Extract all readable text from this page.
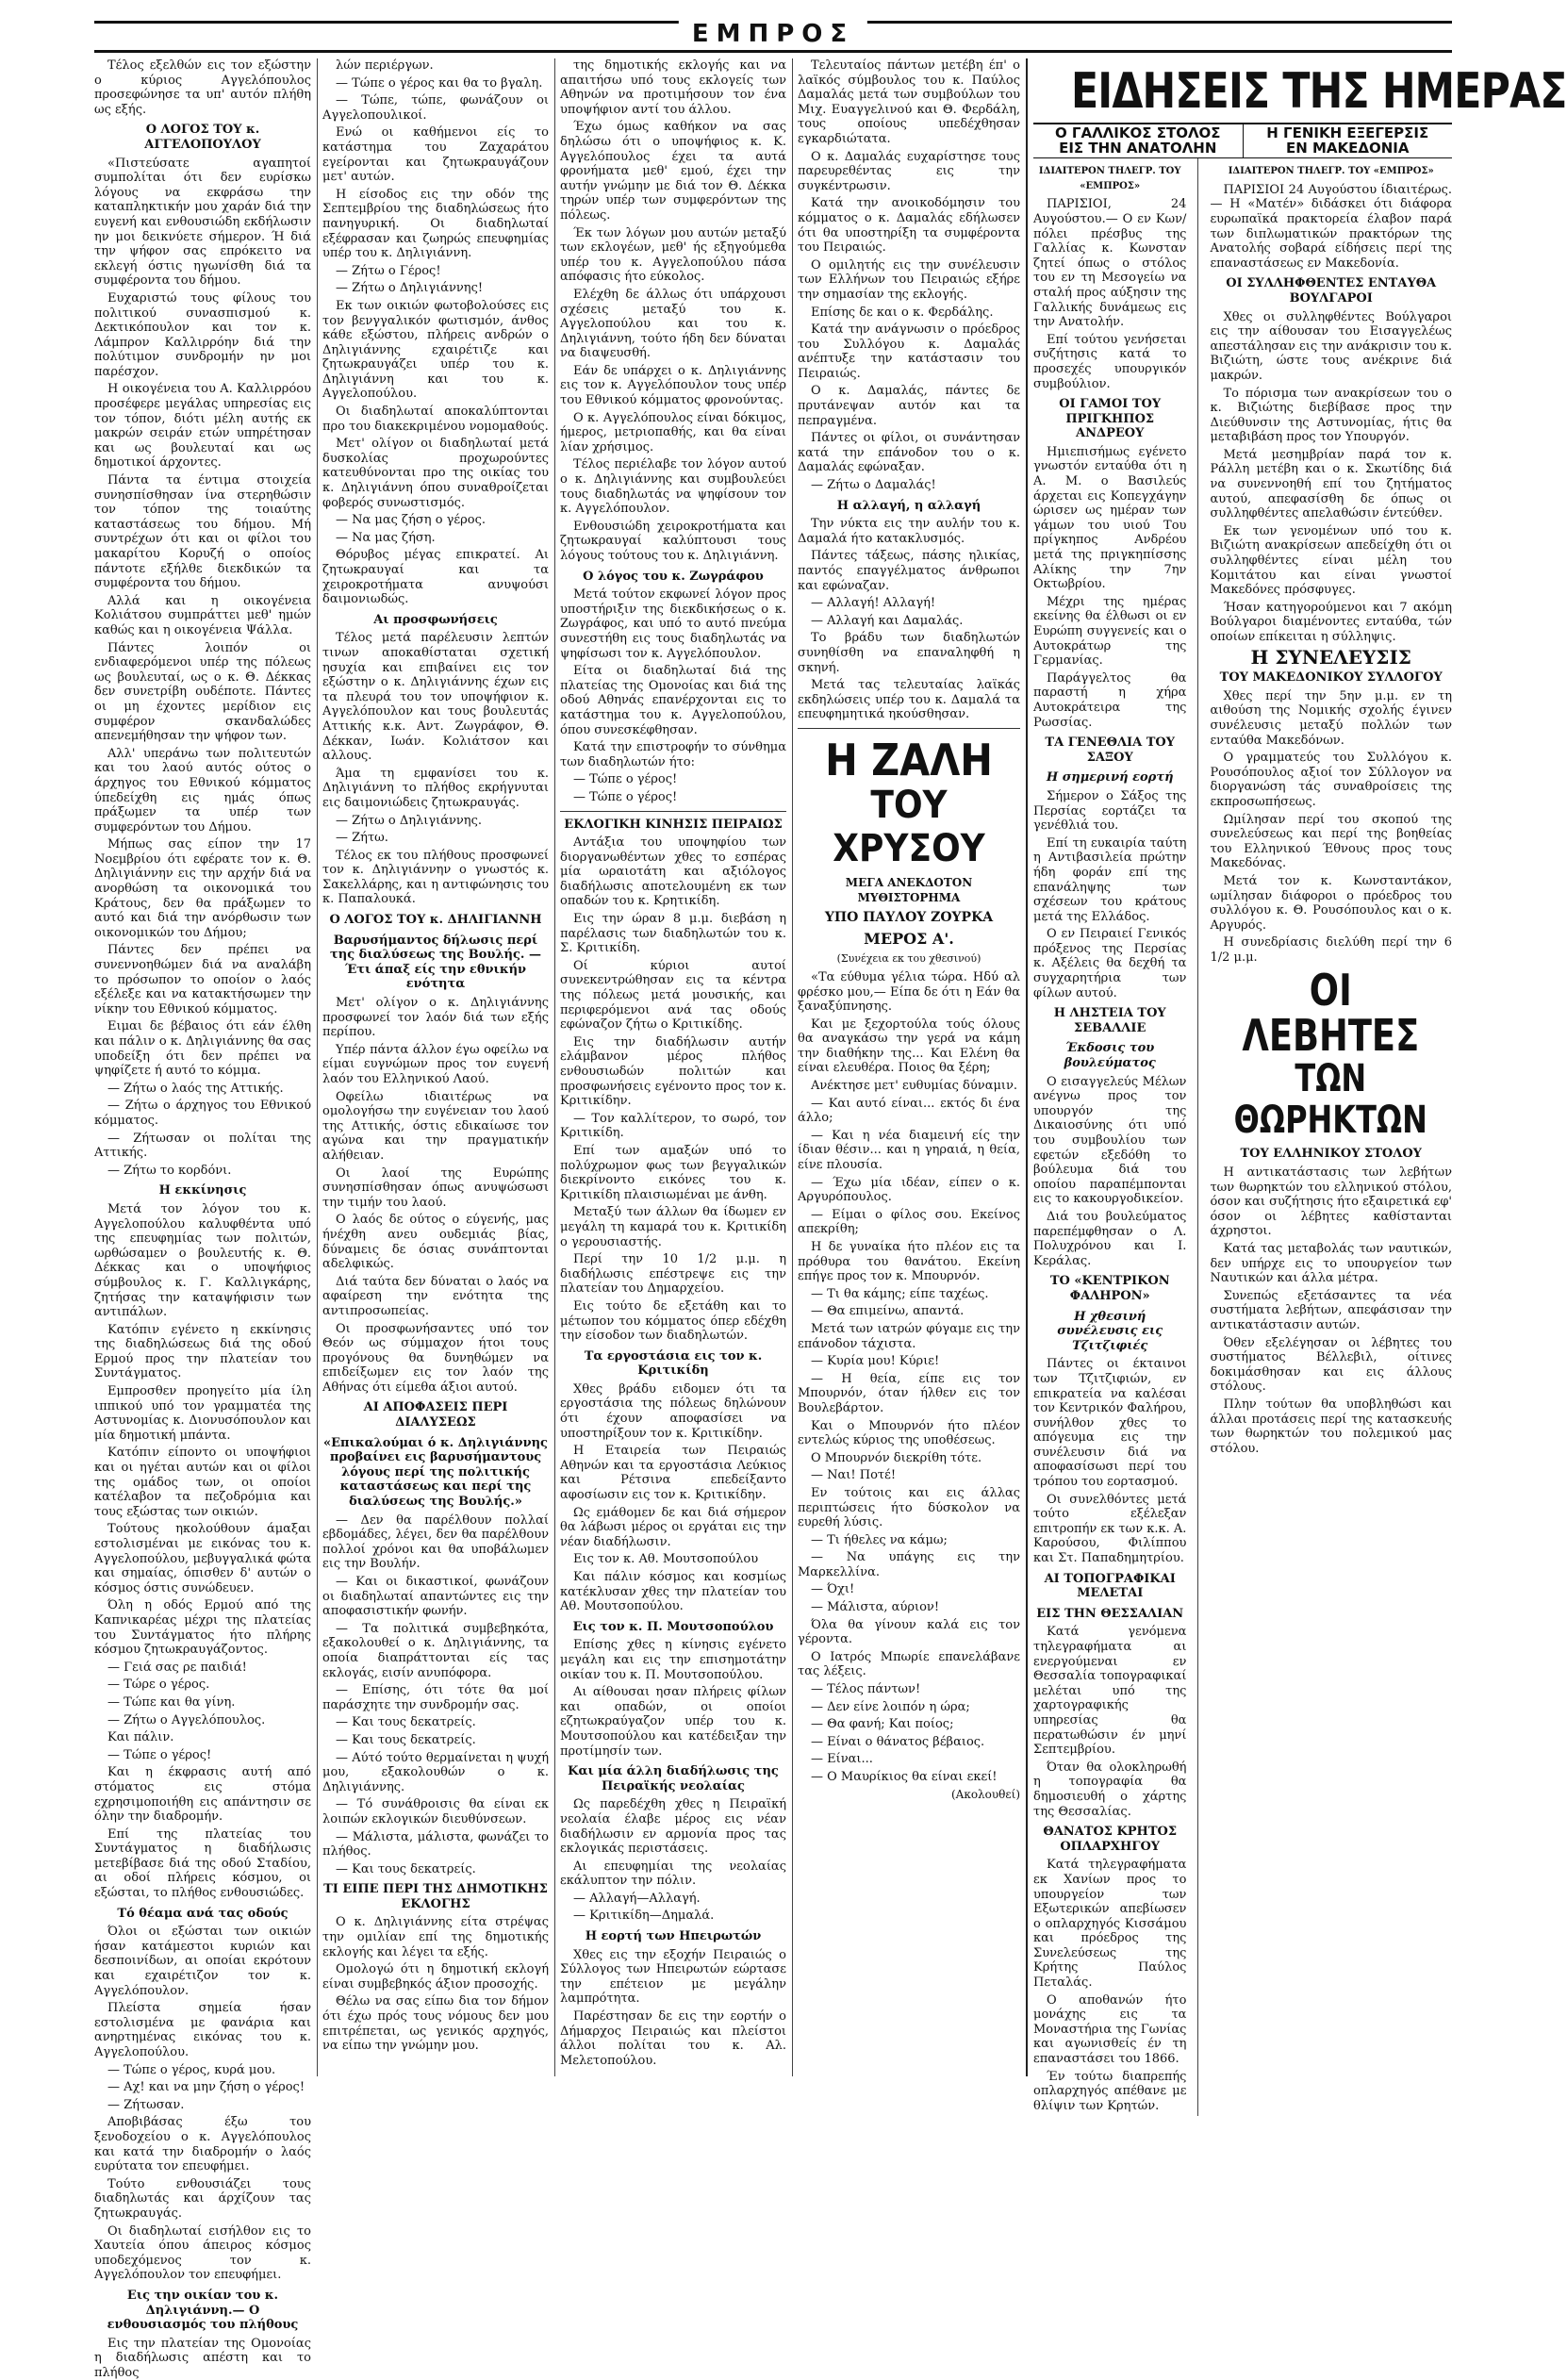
ΕΜΠΡΟΣ

Τέλος εξελθών εις τον εξώστην ο κύριος Αγγελόπουλος προσεφώνησε τα υπ' αυτόν πλήθη ως εξής.

Ο ΛΟΓΟΣ ΤΟΥ κ. ΑΓΓΕΛΟΠΟΥΛΟΥ

«Πιστεύσατε αγαπητοί συμπολίται ότι δεν ευρίσκω λόγους να εκφράσω την καταπληκτικήν μου χαράν διά την ευγενή και ενθουσιώδη εκδήλωσιν ην μοι δεικνύετε σήμερον. Ή διά την ψήφον σας επρόκειτο να εκλεγή όστις ηγωνίσθη διά τα συμφέροντα του δήμου.

Ευχαριστώ τους φίλους του πολιτικού συνασπισμού κ. Δεκτικόπουλον και τον κ. Λάμπρον Καλλιρρόην διά την πολύτιμον συνδρομήν ην μοι παρέσχον.

Η οικογένεια του Α. Καλλιρρόου προσέφερε μεγάλας υπηρεσίας εις τον τόπον, διότι μέλη αυτής εκ μακρών σειράν ετών υπηρέτησαν και ως βουλευταί και ως δημοτικοί άρχοντες.

Πάντα τα έντιμα στοιχεία συνησπίσθησαν ίνα στερηθώσιν τον τόπον της τοιαύτης καταστάσεως του δήμου. Μή συντρέχων ότι και οι φίλοι του μακαρίτου Κορυζή ο οποίος πάντοτε εξήλθε διεκδικών τα συμφέροντα του δήμου.

Αλλά και η οικογένεια Κολιάτσου συμπράττει μεθ' ημών καθώς και η οικογένεια Ψάλλα.

Πάντες λοιπόν οι ενδιαφερόμενοι υπέρ της πόλεως ως βουλευταί, ως ο κ. Θ. Δέκκας δεν συνετρίβη ουδέποτε. Πάντες οι μη έχοντες μερίδιον εις συμφέρον σκανδαλώδες απενεμήθησαν την ψήφον των.

Αλλ' υπεράνω των πολιτευτών και του λαού αυτός ούτος ο άρχηγος του Εθνικού κόμματος ύπεδείχθη εις ημάς όπως πράξωμεν τα υπέρ των συμφερόντων του Δήμου.

Μήπως σας είπον την 17 Νοεμβρίου ότι εφέρατε τον κ. Θ. Δηλιγιάννην εις την αρχήν διά να ανορθώση τα οικονομικά του Κράτους, δεν θα πράξωμεν το αυτό και διά την ανόρθωσιν των οικονομικών του Δήμου;

Πάντες δεν πρέπει να συνεννοηθώμεν διά να αναλάβη το πρόσωπον το οποίον ο λαός εξέλεξε και να κατακτήσωμεν την νίκην του Εθνικού κόμματος.

Ειμαι δε βέβαιος ότι εάν έλθη και πάλιν ο κ. Δηλιγιάννης θα σας υποδείξη ότι δεν πρέπει να ψηφίζετε ή αυτό το κόμμα.

— Ζήτω ο λαός της Αττικής.

— Ζήτω ο άρχηγος του Εθνικού κόμματος.

— Ζήτωσαν οι πολίται της Αττικής.

— Ζήτω το κορδόνι.

Η εκκίνησις

Μετά τον λόγον του κ. Αγγελοπούλου καλυφθέντα υπό της επευφημίας των πολιτών, ωρθώσαμεν ο βουλευτής κ. Θ. Δέκκας και ο υποψήφιος σύμβουλος κ. Γ. Καλλιγκάρης, ζητήσας την καταψήφισιν των αντιπάλων.

Κατόπιν εγένετο η εκκίνησις της διαδηλώσεως διά της οδού Ερμού προς την πλατείαν του Συντάγματος.

Εμπροσθεν προηγείτο μία ίλη ιππικού υπό τον γραμματέα της Αστυνομίας κ. Διονυσόπουλον και μία δημοτική μπάντα.

Κατόπιν είποντο οι υποψήφιοι και οι ηγέται αυτών και οι φίλοι της ομάδος των, οι οποίοι κατέλαβον τα πεζοδρόμια και τους εξώστας των οικιών.

Τούτους ηκολούθουν άμαξαι εστολισμέναι με εικόνας του κ. Αγγελοπούλου, μεβυγγαλικά φώτα και σημαίας, όπισθεν δ' αυτών ο κόσμος όστις συνώδευεν.

Όλη η οδός Ερμού από της Καπνικαρέας μέχρι της πλατείας του Συντάγματος ήτο πλήρης κόσμου ζητωκραυγάζοντος.

— Γειά σας ρε παιδιά!

— Τώρε ο γέρος.

— Τώπε και θα γίνη.

— Ζήτω ο Αγγελόπουλος.

Και πάλιν.

— Τώπε ο γέρος!

Και η έκφρασις αυτή από στόματος εις στόμα εχρησιμοποιήθη εις απάντησιν σε όλην την διαδρομήν.

Επί της πλατείας του Συντάγματος η διαδήλωσις μετεβίβασε διά της οδού Σταδίου, αι οδοί πλήρεις κόσμου, οι εξώσται, το πλήθος ενθουσιώδες.

Τό θέαμα ανά τας οδούς

Όλοι οι εξώσται των οικιών ήσαν κατάμεστοι κυριών και δεσποινίδων, αι οποίαι εκρότουν και εχαιρέτιζον τον κ. Αγγελόπουλον.

Πλείστα σημεία ήσαν εστολισμένα με φανάρια και ανηρτημένας εικόνας του κ. Αγγελοπούλου.

— Τώπε ο γέρος, κυρά μου.

— Αχ! και να μην ζήση ο γέρος!

— Ζήτωσαν.

Αποβιβάσας έξω του ξενοδοχείου ο κ. Αγγελόπουλος και κατά την διαδρομήν ο λαός ευρύτατα τον επευφήμει.

Τούτο ενθουσιάζει τους διαδηλωτάς και άρχίζουν τας ζητωκραυγάς.

Οι διαδηλωταί εισήλθον εις το Χαυτεία όπου άπειρος κόσμος υποδεχόμενος τον κ. Αγγελόπουλον τον επευφήμει.

Εις την οικίαν του κ. Δηλιγιάννη.— Ο ενθουσιασμός του πλήθους

Εις την πλατείαν της Ομονοίας η διαδήλωσις απέστη και το πλήθος

λών περιέργων.

— Τώπε ο γέρος και θα το βγαλη.

— Τώπε, τώπε, φωνάζουν οι Αγγελοπουλικοί.

Ενώ οι καθήμενοι είς το κατάστημα του Ζαχαράτου εγείρονται και ζητωκραυγάζουν μετ' αυτών.

Η είσοδος εις την οδόν της Σεπτεμβρίου της διαδηλώσεως ήτο πανηγυρική. Οι διαδηλωταί εξέφρασαν και ζωηρώς επευφημίας υπέρ του κ. Δηλιγιάννη.

— Ζήτω ο Γέρος!

— Ζήτω ο Δηλιγιάννης!

Εκ των οικιών φωτοβολούσες εις τον βενγγαλικόν φωτισμόν, άνθος κάθε εξώστου, πλήρεις ανδρών ο Δηλιγιάννης εχαιρέτιζε και ζητωκραυγάζει υπέρ του κ. Δηλιγιάννη και του κ. Αγγελοπούλου.

Οι διαδηλωταί αποκαλύπτονται προ του διακεκριμένου νομομαθούς.

Μετ' ολίγον οι διαδηλωταί μετά δυσκολίας προχωρούντες κατευθύνονται προ της οικίας του κ. Δηλιγιάννη όπου συναθροίζεται φοβερός συνωστισμός.

— Να μας ζήση ο γέρος.

— Να μας ζήση.

Θόρυβος μέγας επικρατεί. Αι ζητωκραυγαί και τα χειροκροτήματα ανυψούσι δαιμονιωδώς.

Αι προσφωνήσεις

Τέλος μετά παρέλευσιν λεπτών τινων αποκαθίσταται σχετική ησυχία και επιβαίνει εις τον εξώστην ο κ. Δηλιγιάννης έχων εις τα πλευρά του τον υποψήφιον κ. Αγγελόπουλον και τους βουλευτάς Αττικής κ.κ. Αντ. Ζωγράφον, Θ. Δέκκαν, Ιωάν. Κολιάτσον και αλλους.

Άμα τη εμφανίσει του κ. Δηλιγιάννη το πλήθος εκρήγνυται εις δαιμονιώδεις ζητωκραυγάς.

— Ζήτω ο Δηλιγιάννης.

— Ζήτω.

Τέλος εκ του πλήθους προσφωνεί τον κ. Δηλιγιάννην ο γνωστός κ. Σακελλάρης, και η αντιφώνησις του κ. Παπαλουκά.

Ο ΛΟΓΟΣ ΤΟΥ κ. ΔΗΛΙΓΙΑΝΝΗ
Βαρυσήμαντος δήλωσις περί της διαλύσεως της Βουλής. — Έτι άπαξ είς την εθνικήν ενότητα

Μετ' ολίγον ο κ. Δηλιγιάννης προσφωνεί τον λαόν διά των εξής περίπου.

Υπέρ πάντα άλλον έγω οφείλω να είμαι ευγνώμων προς τον ευγενή λαόν του Ελληνικού Λαού.

Οφείλω ιδιαιτέρως να ομολογήσω την ευγένειαν του λαού της Αττικής, όστις εδικαίωσε τον αγώνα και την πραγματικήν αλήθειαν.

Οι λαοί της Ευρώπης συνησπίσθησαν όπως ανυψώσωσι την τιμήν του λαού.

Ο λαός δε ούτος ο εύγενής, μας ήνέχθη ανευ ουδεμιάς βίας, δύναμεις δε όσιας συνάπτονται αδελφικώς.

Διά ταύτα δεν δύναται ο λαός να αφαίρεση την ενότητα της αντιπροσωπείας.

Οι προσφωνήσαντες υπό τον Θεόν ως σύμμαχον ήτοι τους προγόνους θα δυνηθώμεν να επιδείξωμεν εις τον λαόν της Αθήνας ότι είμεθα άξιοι αυτού.

ΑΙ ΑΠΟΦΑΣΕΙΣ ΠΕΡΙ ΔΙΑΛΥΣΕΩΣ
«Επικαλούμαι ό κ. Δηλιγιάννης προβαίνει εις βαρυσήμαντους λόγους περί της πολιτικής καταστάσεως και περί της διαλύσεως της Βουλής.»

— Δεν θα παρέλθουν πολλαί εβδομάδες, λέγει, δεν θα παρέλθουν πολλοί χρόνοι και θα υποβάλωμεν εις την Βουλήν.

— Και οι δικαστικοί, φωνάζουν οι διαδηλωταί απαντώντες εις την αποφασιστικήν φωνήν.

— Τα πολιτικά συμβεβηκότα, εξακολουθεί ο κ. Δηλιγιάννης, τα οποία διαπράττονται είς τας εκλογάς, εισίν ανυπόφορα.

— Επίσης, ότι τότε θα μοί παράσχητε την συνδρομήν σας.

— Και τους δεκατρείς.

— Και τους δεκατρείς.

— Αύτό τούτο θερμαίνεται η ψυχή μου, εξακολουθών ο κ. Δηλιγιάννης.

— Τό συνάθροισις θα είναι εκ λοιπών εκλογικών διευθύνσεων.

— Μάλιστα, μάλιστα, φωνάζει το πλήθος.

— Και τους δεκατρείς.

ΤΙ ΕΙΠΕ ΠΕΡΙ ΤΗΣ ΔΗΜΟΤΙΚΗΣ ΕΚΛΟΓΗΣ

Ο κ. Δηλιγιάννης είτα στρέψας την ομιλίαν επί της δημοτικής εκλογής και λέγει τα εξής.

Ομολογώ ότι η δημοτική εκλογή είναι συμβεβηκός άξιον προσοχής.

Θέλω να σας είπω δια τον δήμον ότι έχω πρός τους νόμους δεν μου επιτρέπεται, ως γενικός αρχηγός, να είπω την γνώμην μου.

της δημοτικής εκλογής και να απαιτήσω υπό τους εκλογείς των Αθηνών να προτιμήσουν τον ένα υποψήφιον αντί του άλλου.

Έχω όμως καθήκον να σας δηλώσω ότι ο υποψήφιος κ. Κ. Αγγελόπουλος έχει τα αυτά φρονήματα μεθ' εμού, έχει την αυτήν γνώμην με διά τον Θ. Δέκκα τηρών υπέρ των συμφερόντων της πόλεως.

Έκ των λόγων μου αυτών μεταξύ των εκλογέων, μεθ' ής εξηγούμεθα υπέρ του κ. Αγγελοπούλου πάσα απόφασις ήτο εύκολος.

Ελέχθη δε άλλως ότι υπάρχουσι σχέσεις μεταξύ του κ. Αγγελοπούλου και του κ. Δηλιγιάννη, τούτο ήδη δεν δύναται να διαψευσθή.

Εάν δε υπάρχει ο κ. Δηλιγιάννης εις τον κ. Αγγελόπουλον τους υπέρ του Εθνικού κόμματος φρονούντας.

Ο κ. Αγγελόπουλος είναι δόκιμος, ήμερος, μετριοπαθής, και θα είναι λίαν χρήσιμος.

Τέλος περιέλαβε τον λόγον αυτού ο κ. Δηλιγιάννης και συμβουλεύει τους διαδηλωτάς να ψηφίσουν τον κ. Αγγελόπουλον.

Ενθουσιώδη χειροκροτήματα και ζητωκραυγαί καλύπτουσι τους λόγους τούτους του κ. Δηλιγιάννη.

Ο λόγος του κ. Ζωγράφου

Μετά τούτον εκφωνεί λόγον προς υποστήριξιν της διεκδικήσεως ο κ. Ζωγράφος, και υπό το αυτό πνεύμα συνεστήθη εις τους διαδηλωτάς να ψηφίσωσι τον κ. Αγγελόπουλον.

Είτα οι διαδηλωταί διά της πλατείας της Ομονοίας και διά της οδού Αθηνάς επανέρχονται εις το κατάστημα του κ. Αγγελοπούλου, όπου συνεσκέφθησαν.

Κατά την επιστροφήν το σύνθημα των διαδηλωτών ήτο:

— Τώπε ο γέρος!

— Τώπε ο γέρος!

ΕΚΛΟΓΙΚΗ ΚΙΝΗΣΙΣ ΠΕΙΡΑΙΩΣ

Αντάξια του υποψηφίου των διοργανωθέντων χθες το εσπέρας μία ωραιοτάτη και αξιόλογος διαδήλωσις αποτελουμένη εκ των οπαδών του κ. Κρητικίδη.

Εις την ώραν 8 μ.μ. διεβάση η παρέλασις των διαδηλωτών του κ. Σ. Κριτικίδη.

Οί κύριοι αυτοί συνεκεντρώθησαν εις τα κέντρα της πόλεως μετά μουσικής, και περιφερόμενοι ανά τας οδούς εφώναζον ζήτω ο Κριτικίδης.

Εις την διαδήλωσιν αυτήν ελάμβανον μέρος πλήθος ενθουσιωδών πολιτών και προσφωνήσεις εγένοντο προς τον κ. Κριτικίδην.

— Τον καλλίτερον, το σωρό, τον Κριτικίδη.

Επί των αμαξών υπό το πολύχρωμον φως των βεγγαλικών διεκρίνοντο εικόνες του κ. Κριτικίδη πλαισιωμέναι με άνθη.

Μεταξύ των άλλων θα ίδωμεν εν μεγάλη τη καμαρά του κ. Κριτικίδη ο γερουσιαστής.

Περί την 10 1/2 μ.μ. η διαδήλωσις επέστρεψε εις την πλατείαν του Δημαρχείου.

Εις τούτο δε εξετάθη και το μέτωπον του κόμματος όπερ εδέχθη την είσοδον των διαδηλωτών.

Τα εργοστάσια εις τον κ. Κριτικίδη

Χθες βράδυ ειδομεν ότι τα εργοστάσια της πόλεως δηλώνουν ότι έχουν αποφασίσει να υποστηρίξουν τον κ. Κριτικίδην.

Η Εταιρεία των Πειραιώς Αθηνών και τα εργοστάσια Λεύκιος και Ρέτσινα επεδείξαντο αφοσίωσιν εις τον κ. Κριτικίδην.

Ως εμάθομεν δε και διά σήμερον θα λάβωσι μέρος οι εργάται εις την νέαν διαδήλωσιν.

Εις τον κ. Αθ. Μουτσοπούλου

Και πάλιν κόσμος και κοσμίως κατέκλυσαν χθες την πλατείαν του Αθ. Μουτσοπούλου.

Εις τον κ. Π. Μουτσοπούλου

Επίσης χθες η κίνησις εγένετο μεγάλη και εις την επισημοτάτην οικίαν του κ. Π. Μουτσοπούλου.

Αι αίθουσαι ησαν πλήρεις φίλων και οπαδών, οι οποίοι εζητωκραύγαζον υπέρ του κ. Μουτσοπούλου και κατέδειξαν την προτίμησίν των.

Και μία άλλη διαδήλωσις της Πειραϊκής νεολαίας

Ως παρεδέχθη χθες η Πειραϊκή νεολαία έλαβε μέρος εις νέαν διαδήλωσιν εν αρμονία προς τας εκλογικάς περιστάσεις.

Αι επευφημίαι της νεολαίας εκάλυπτον την πόλιν.

— Αλλαγή—Αλλαγή.

— Κριτικίδη—Δημαλά.

Η εορτή των Ηπειρωτών

Χθες εις την εξοχήν Πειραιώς ο Σύλλογος των Ηπειρωτών εώρτασε την επέτειον με μεγάλην λαμπρότητα.

Παρέστησαν δε εις την εορτήν ο Δήμαρχος Πειραιώς και πλείστοι άλλοι πολίται του κ. Αλ. Μελετοπούλου.

Τελευταίος πάντων μετέβη έπ' ο λαϊκός σύμβουλος του κ. Παύλος Δαμαλάς μετά των συμβούλων του Μιχ. Ευαγγελινού και Θ. Φερδάλη, τους οποίους υπεδέχθησαν εγκαρδιώτατα.

Ο κ. Δαμαλάς ευχαρίστησε τους παρευρεθέντας εις την συγκέντρωσιν.

Κατά την ανοικοδόμησιν του κόμματος ο κ. Δαμαλάς εδήλωσεν ότι θα υποστηρίξη τα συμφέροντα του Πειραιώς.

Ο ομιλητής εις την συνέλευσιν των Ελλήνων του Πειραιώς εξήρε την σημασίαν της εκλογής.

Επίσης δε και ο κ. Φερδάλης.

Κατά την ανάγνωσιν ο πρόεδρος του Συλλόγου κ. Δαμαλάς ανέπτυξε την κατάστασιν του Πειραιώς.

Ο κ. Δαμαλάς, πάντες δε πρυτάνεψαν αυτόν και τα πεπραγμένα.

Πάντες οι φίλοι, οι συνάντησαν κατά την επάνοδον του ο κ. Δαμαλάς εφώναξαν.

— Ζήτω ο Δαμαλάς!

Η αλλαγή, η αλλαγή

Την νύκτα εις την αυλήν του κ. Δαμαλά ήτο κατακλυσμός.

Πάντες τάξεως, πάσης ηλικίας, παντός επαγγέλματος άνθρωποι και εφώναζαν.

— Αλλαγή! Αλλαγή!

— Αλλαγή και Δαμαλάς.

Το βράδυ των διαδηλωτών συνηθίσθη να επαναληφθή η σκηνή.

Μετά τας τελευταίας λαϊκάς εκδηλώσεις υπέρ του κ. Δαμαλά τα επευφημητικά ηκούσθησαν.

Η ΖΑΛΗ
ΤΟΥ ΧΡΥΣΟΥ
ΜΕΓΑ ΑΝΕΚΔΟΤΟΝ ΜΥΘΙΣΤΟΡΗΜΑ
ΥΠΟ ΠΑΥΛΟΥ ΖΟΥΡΚΑ
ΜΕΡΟΣ Α'.
(Συνέχεια εκ του χθεσινού)

«Τα εύθυμα γέλια τώρα. Ηδύ αλ φρέσκο μου,— Είπα δε ότι η Εάν θα ξαναξύπνησης.

Και με ξεχορτούλα τούς όλους θα αναγκάσω την γερά να κάμη την διαθήκην της... Και Ελένη θα είναι ελευθέρα. Ποιος θα ξέρη;

Ανέκτησε μετ' ευθυμίας δύναμιν.

— Και αυτό είναι... εκτός δι ένα άλλο;

— Και η νέα διαμεινή είς την ίδιαν θέσιν... και η γηραιά, η θεία, είνε πλουσία.

— Έχω μία ιδέαν, είπεν ο κ. Αργυρόπουλος.

— Είμαι ο φίλος σου. Εκείνος απεκρίθη;

Η δε γυναίκα ήτο πλέον εις τα πρόθυρα του θανάτου. Εκείνη επήγε προς τον κ. Μπουρνόν.

— Τι θα κάμης; είπε ταχέως.

— Θα επιμείνω, απαντά.

Μετά των ιατρών φύγαμε εις την επάνοδον τάχιστα.

— Κυρία μου! Κύριε!

— Η θεία, είπε εις τον Μπουρνόν, όταν ήλθεν εις τον Βουλεβάρτον.

Και ο Μπουρνόν ήτο πλέον εντελώς κύριος της υποθέσεως.

Ο Μπουρνόν διεκρίθη τότε.

— Ναι! Ποτέ!

Εν τούτοις και εις άλλας περιπτώσεις ήτο δύσκολον να ευρεθή λύσις.

— Τι ήθελες να κάμω;

— Να υπάγης εις την Μαρκελλίνα.

— Όχι!

— Μάλιστα, αύριον!

Όλα θα γίνουν καλά εις τον γέροντα.

Ο Ιατρός Μπωρίε επανελάβανε τας λέξεις.

— Τέλος πάντων!

— Δεν είνε λοιπόν η ώρα;

— Θα φανή; Και ποίος;

— Είναι ο θάνατος βέβαιος.

— Είναι...

— Ο Μαυρίκιος θα είναι εκεί!

(Ακολουθεί)
ΕΙΔΗΣΕΙΣ ΤΗΣ ΗΜΕΡΑΣ
Ο ΓΑΛΛΙΚΟΣ ΣΤΟΛΟΣ
ΕΙΣ ΤΗΝ ΑΝΑΤΟΛΗΝ
Η ΓΕΝΙΚΗ ΕΞΕΓΕΡΣΙΣ
ΕΝ ΜΑΚΕΔΟΝΙΑ
ΙΔΙΑΙΤΕΡΟΝ ΤΗΛΕΓΡ. ΤΟΥ «ΕΜΠΡΟΣ»

ΠΑΡΙΣΙΟΙ, 24 Αυγούστου.— Ο εν Κων/πόλει πρέσβυς της Γαλλίας κ. Κωνσταν ζητεί όπως ο στόλος του εν τη Μεσογείω να σταλή προς αύξησιν της Γαλλικής δυνάμεως εις την Ανατολήν.

Επί τούτου γενήσεται συζήτησις κατά το προσεχές υπουργικόν συμβούλιον.

ΟΙ ΓΑΜΟΙ ΤΟΥ ΠΡΙΓΚΗΠΟΣ ΑΝΔΡΕΟΥ

Ημιεπισήμως εγένετο γνωστόν ενταύθα ότι η Α. Μ. ο Βασιλεύς άρχεται εις Κοπεγχάγην ώρισεν ως ημέραν των γάμων του υιού Του πρίγκηπος Ανδρέου μετά της πριγκηπίσσης Αλίκης την 7ην Οκτωβρίου.

Μέχρι της ημέρας εκείνης θα έλθωσι οι εν Ευρώπη συγγενείς και ο Αυτοκράτωρ της Γερμανίας.

Παράγγελτος θα παραστή η χήρα Αυτοκράτειρα της Ρωσσίας.

ΤΑ ΓΕΝΕΘΛΙΑ ΤΟΥ ΣΑΞΟΥ
Η σημερινή εορτή

Σήμερον ο Σάξος της Περσίας εορτάζει τα γενέθλιά του.

Επί τη ευκαιρία ταύτη η Αντιβασιλεία πρώτην ήδη φοράν επί της επανάληψης των σχέσεων του κράτους μετά της Ελλάδος.

Ο εν Πειραιεί Γενικός πρόξενος της Περσίας κ. Αξέλεις θα δεχθή τα συγχαρητήρια των φίλων αυτού.

Η ΛΗΣΤΕΙΑ ΤΟΥ ΣΕΒΑΛΛΙΕ
Έκδοσις του βουλεύματος

Ο εισαγγελεύς Μέλων ανέγνω προς τον υπουργόν της Δικαιοσύνης ότι υπό του συμβουλίου των εφετών εξεδόθη το βούλευμα διά του οποίου παραπέμπονται εις το κακουργοδικείον.

Διά του βουλεύματος παρεπέμφθησαν ο Λ. Πολυχρόνου και Ι. Κεράλας.

ΤΟ «ΚΕΝΤΡΙΚΟΝ ΦΑΛΗΡΟΝ»
Η χθεσινή συνέλευσις εις Τζιτζιφιές

Πάντες οι έκταινοι των Τζιτζιφιών, εν επικρατεία να καλέσαι τον Κεντρικόν Φαλήρου, συνήλθον χθες το απόγευμα εις την συνέλευσιν διά να αποφασίσωσι περί του τρόπου του εορτασμού.

Οι συνελθόντες μετά τούτο εξέλεξαν επιτροπήν εκ των κ.κ. Α. Καρούσου, Φιλίππου και Στ. Παπαδημητρίου.

ΑΙ ΤΟΠΟΓΡΑΦΙΚΑΙ ΜΕΛΕΤΑΙ
ΕΙΣ ΤΗΝ ΘΕΣΣΑΛΙΑΝ

Κατά γενόμενα τηλεγραφήματα αι ενεργούμεναι εν Θεσσαλία τοπογραφικαί μελέται υπό της χαρτογραφικής υπηρεσίας θα περατωθώσιν έν μηνί Σεπτεμβρίου.

Όταν θα ολοκληρωθή η τοπογραφία θα δημοσιευθή ο χάρτης της Θεσσαλίας.

ΘΑΝΑΤΟΣ ΚΡΗΤΟΣ ΟΠΛΑΡΧΗΓΟΥ

Κατά τηλεγραφήματα εκ Χανίων προς το υπουργείον των Εξωτερικών απεβίωσεν ο οπλαρχηγός Κισσάμου και πρόεδρος της Συνελεύσεως της Κρήτης Παύλος Πεταλάς.

Ο αποθανών ήτο μονάχης εις τα Μοναστήρια της Γωνίας και αγωνισθείς έν τη επαναστάσει του 1866.

Έν τούτω διαπρεπής οπλαρχηγός απέθανε με θλίψιν των Κρητών.

ΙΔΙΑΙΤΕΡΟΝ ΤΗΛΕΓΡ. ΤΟΥ «ΕΜΠΡΟΣ»

ΠΑΡΙΣΙΟΙ 24 Αυγούστου ίδιαιτέρως.— Η «Ματέν» διδάσκει ότι διάφορα ευρωπαϊκά πρακτορεία έλαβον παρά των διπλωματικών πρακτόρων της Ανατολής σοβαρά είδήσεις περί της επαναστάσεως εν Μακεδονία.

ΟΙ ΣΥΛΛΗΦΘΕΝΤΕΣ ΕΝΤΑΥΘΑ ΒΟΥΛΓΑΡΟΙ

Χθες οι συλληφθέντες Βούλγαροι εις την αίθουσαν του Εισαγγελέως απεστάλησαν εις την ανάκρισιν του κ. Βιζιώτη, ώστε τους ανέκρινε διά μακρών.

Το πόρισμα των ανακρίσεων του ο κ. Βιζιώτης διεβίβασε προς την Διεύθυνσιν της Αστυνομίας, ήτις θα μεταβιβάση προς τον Υπουργόν.

Μετά μεσημβρίαν παρά τον κ. Ράλλη μετέβη και ο κ. Σκωτίδης διά να συνεννοηθή επί του ζητήματος αυτού, απεφασίσθη δε όπως οι συλληφθέντες απελαθώσιν έντεύθεν.

Εκ των γενομένων υπό του κ. Βιζιώτη ανακρίσεων απεδείχθη ότι οι συλληφθέντες είναι μέλη του Κομιτάτου και είναι γνωστοί Μακεδόνες πρόσφυγες.

Ήσαν κατηγορούμενοι και 7 ακόμη Βούλγαροι διαμένοντες ενταύθα, τών οποίων επίκειται η σύλληψις.

Η ΣΥΝΕΛΕΥΣΙΣ
ΤΟΥ ΜΑΚΕΔΟΝΙΚΟΥ ΣΥΛΛΟΓΟΥ

Χθες περί την 5ην μ.μ. εν τη αιθούση της Νομικής σχολής έγινεν συνέλευσις μεταξύ πολλών των ενταύθα Μακεδόνων.

Ο γραμματεύς του Συλλόγου κ. Ρουσόπουλος αξιοί τον Σύλλογον να διοργανώση τάς συναθροίσεις της εκπροσωπήσεως.

Ωμίλησαν περί του σκοπού της συνελεύσεως και περί της βοηθείας του Ελληνικού Έθνους προς τους Μακεδόνας.

Μετά τον κ. Κωνσταντάκον, ωμίλησαν διάφοροι ο πρόεδρος του συλλόγου κ. Θ. Ρουσόπουλος και ο κ. Αργυρός.

Η συνεδρίασις διελύθη περί την 6 1/2 μ.μ.

ΟΙ ΛΕΒΗΤΕΣ
ΤΩΝ ΘΩΡΗΚΤΩΝ
ΤΟΥ ΕΛΛΗΝΙΚΟΥ ΣΤΟΛΟΥ

Η αντικατάστασις των λεβήτων των θωρηκτών του ελληνικού στόλου, όσον και συζήτησις ήτο εξαιρετικά εφ' όσον οι λέβητες καθίστανται άχρηστοι.

Κατά τας μεταβολάς των ναυτικών, δεν υπήρχε εις το υπουργείον των Ναυτικών και άλλα μέτρα.

Συνεπώς εξετάσαντες τα νέα συστήματα λεβήτων, απεφάσισαν την αντικατάστασιν αυτών.

Όθεν εξελέγησαν οι λέβητες του συστήματος Βέλλεβιλ, οίτινες δοκιμάσθησαν και εις άλλους στόλους.

Πλην τούτων θα υποβληθώσι και άλλαι προτάσεις περί της κατασκευής των θωρηκτών του πολεμικού μας στόλου.
